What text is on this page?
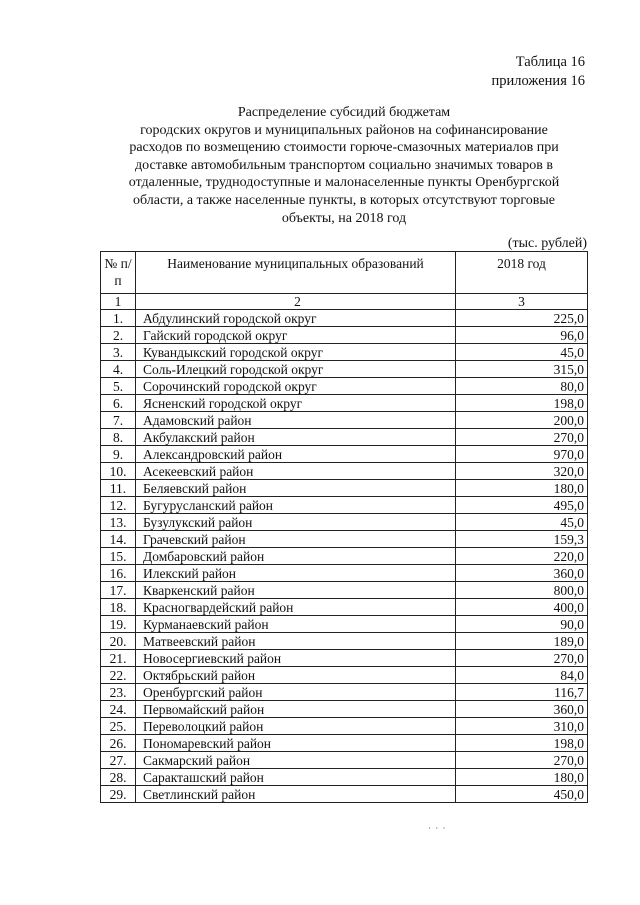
Таблица 16
приложения 16
Распределение субсидий бюджетам
городских округов и муниципальных районов на софинансирование
расходов по возмещению стоимости горюче-смазочных материалов при
доставке автомобильным транспортом социально значимых товаров в
отдаленные, труднодоступные и малонаселенные пункты Оренбургской
области, а также населенные пункты, в которых отсутствуют торговые
объекты, на 2018 год
(тыс. рублей)
№ п/п	Наименование муниципальных образований	2018 год
1	2	3
1.	Абдулинский городской округ	225,0
2.	Гайский городской округ	96,0
3.	Кувандыкский городской округ	45,0
4.	Соль-Илецкий городской округ	315,0
5.	Сорочинский городской округ	80,0
6.	Ясненский городской округ	198,0
7.	Адамовский район	200,0
8.	Акбулакский район	270,0
9.	Александровский район	970,0
10.	Асекеевский район	320,0
11.	Беляевский район	180,0
12.	Бугурусланский район	495,0
13.	Бузулукский район	45,0
14.	Грачевский район	159,3
15.	Домбаровский район	220,0
16.	Илекский район	360,0
17.	Кваркенский район	800,0
18.	Красногвардейский район	400,0
19.	Курманаевский район	90,0
20.	Матвеевский район	189,0
21.	Новосергиевский район	270,0
22.	Октябрьский район	84,0
23.	Оренбургский район	116,7
24.	Первомайский район	360,0
25.	Переволоцкий район	310,0
26.	Пономаревский район	198,0
27.	Сакмарский район	270,0
28.	Саракташский район	180,0
29.	Светлинский район	450,0
· · ·
